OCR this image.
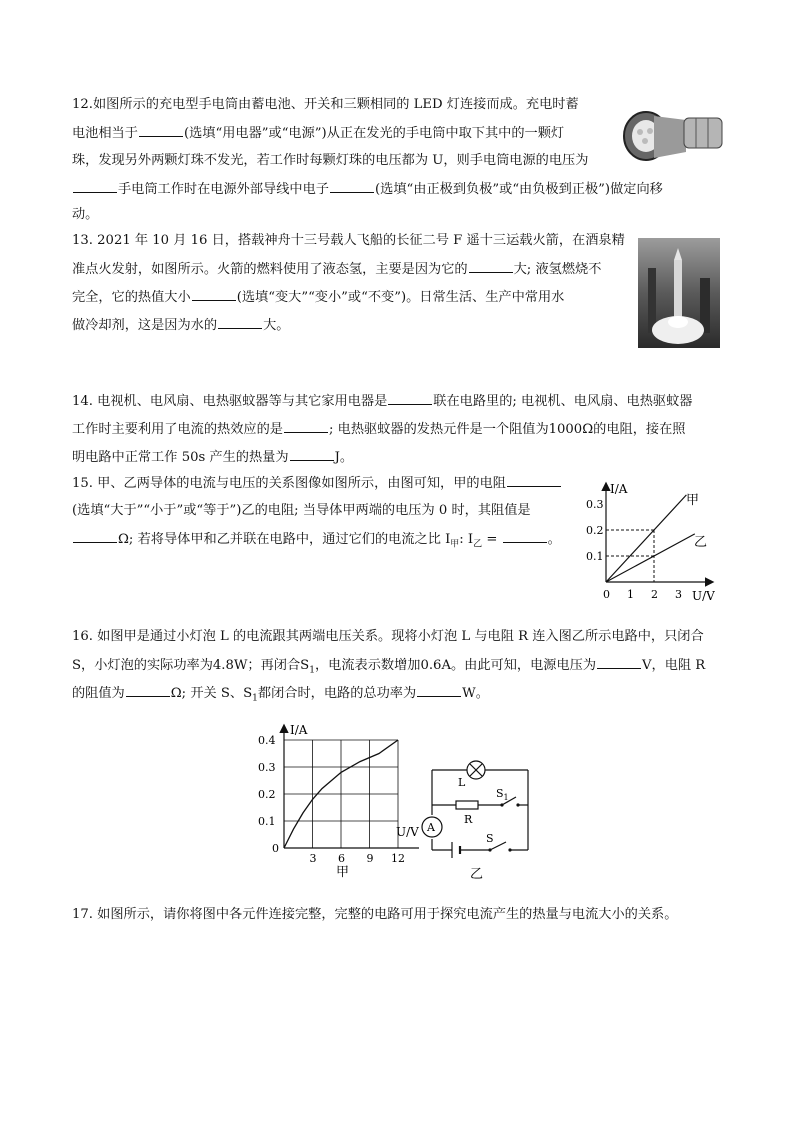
12.如图所示的充电型手电筒由蓄电池、开关和三颗相同的 LED 灯连接而成。充电时蓄
电池相当于	(选填“用电器”或“电源”)从正在发光的手电筒中取下其中的一颗灯
珠，发现另外两颗灯珠不发光，若工作时每颗灯珠的电压都为 U，则手电筒电源的电压为
手电筒工作时在电源外部导线中电子	(选填“由正极到负极”或“由负极到正极”)做定向移
动。
13. 2021 年 10 月 16 日，搭载神舟十三号载人飞船的长征二号 F 遥十三运载火箭，在酒泉精
准点火发射，如图所示。火箭的燃料使用了液态氢，主要是因为它的	大; 液氢燃烧不
完全，它的热值大小	(选填“变大”“变小”或“不变”)。日常生活、生产中常用水
做冷却剂，这是因为水的	大。
14. 电视机、电风扇、电热驱蚊器等与其它家用电器是	联在电路里的; 电视机、电风扇、电热驱蚊器
工作时主要利用了电流的热效应的是	; 电热驱蚊器的发热元件是一个阻值为1000Ω的电阻，接在照
明电路中正常工作 50s 产生的热量为	J。
15. 甲、乙两导体的电流与电压的关系图像如图所示，由图可知，甲的电阻
(选填“大于”“小于”或“等于”)乙的电阻; 当导体甲两端的电压为 0 时，其阻值是
Ω; 若将导体甲和乙并联在电路中，通过它们的电流之比 $I_甲$: $I_乙$ =	。
I/A
U/V
0.3
0.2
0.1
0 1 2 3
甲
乙
16. 如图甲是通过小灯泡 L 的电流跟其两端电压关系。现将小灯泡 L 与电阻 R 连入图乙所示电路中，只闭合
S，小灯泡的实际功率为4.8W；再闭合$S_1$，电流表示数增加0.6A。由此可知，电源电压为	V，电阻 R
的阻值为	Ω; 开关 S、$S_1$都闭合时，电路的总功率为	W。
I/A
U/V
0.4
0.3
0.2
0.1
0
3 6 9 12
甲
L
R
$S_1$
A
S
乙
17. 如图所示，请你将图中各元件连接完整，完整的电路可用于探究电流产生的热量与电流大小的关系。
